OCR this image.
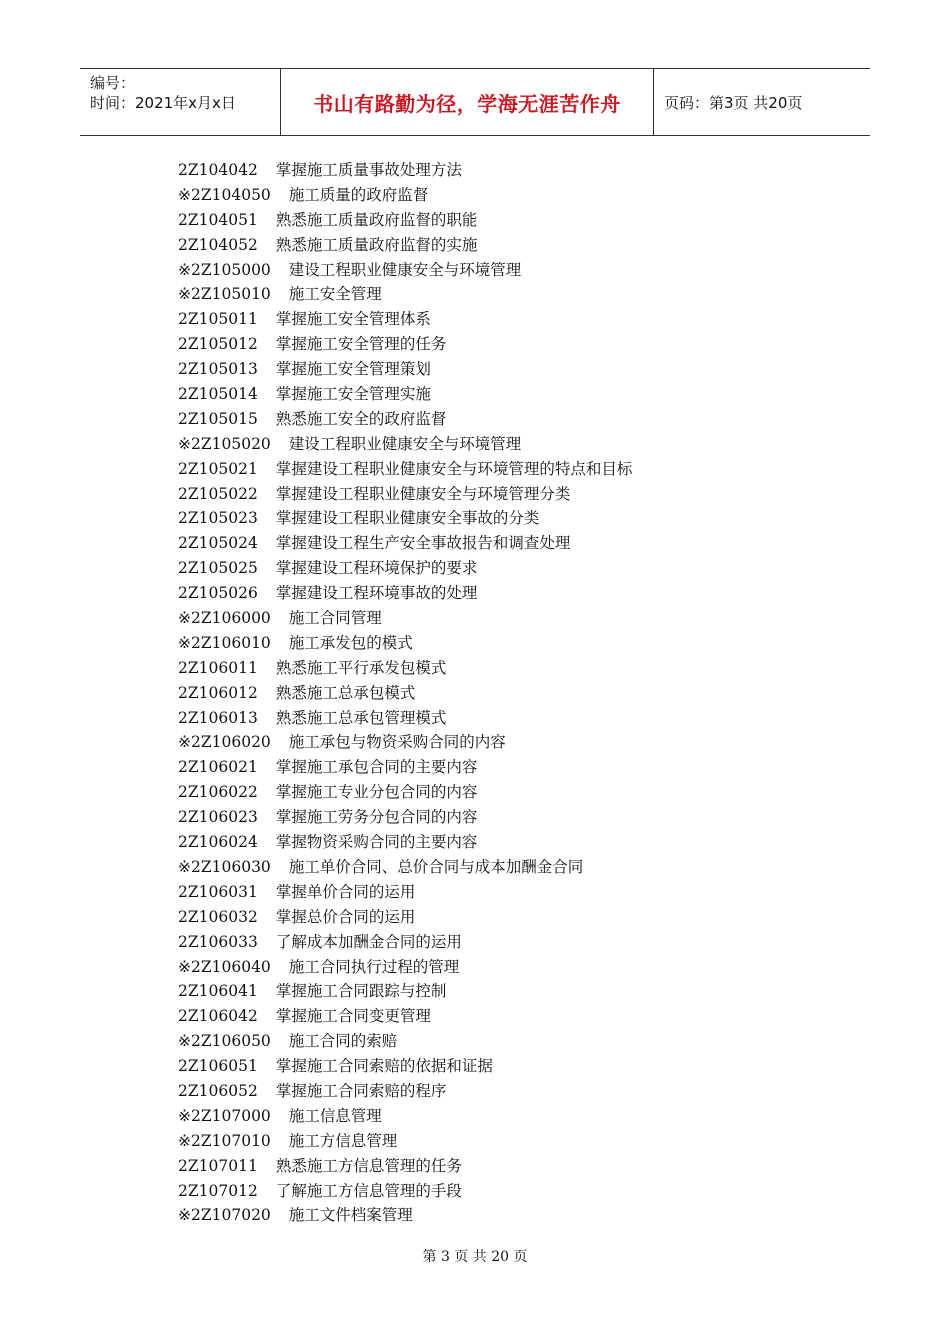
编号：
时间：2021年x月x日	书山有路勤为径，学海无涯苦作舟	页码：第3页 共20页
2Z104042 掌握施工质量事故处理方法
※2Z104050 施工质量的政府监督
2Z104051 熟悉施工质量政府监督的职能
2Z104052 熟悉施工质量政府监督的实施
※2Z105000 建设工程职业健康安全与环境管理
※2Z105010 施工安全管理
2Z105011 掌握施工安全管理体系
2Z105012 掌握施工安全管理的任务
2Z105013 掌握施工安全管理策划
2Z105014 掌握施工安全管理实施
2Z105015 熟悉施工安全的政府监督
※2Z105020 建设工程职业健康安全与环境管理
2Z105021 掌握建设工程职业健康安全与环境管理的特点和目标
2Z105022 掌握建设工程职业健康安全与环境管理分类
2Z105023 掌握建设工程职业健康安全事故的分类
2Z105024 掌握建设工程生产安全事故报告和调查处理
2Z105025 掌握建设工程环境保护的要求
2Z105026 掌握建设工程环境事故的处理
※2Z106000 施工合同管理
※2Z106010 施工承发包的模式
2Z106011 熟悉施工平行承发包模式
2Z106012 熟悉施工总承包模式
2Z106013 熟悉施工总承包管理模式
※2Z106020 施工承包与物资采购合同的内容
2Z106021 掌握施工承包合同的主要内容
2Z106022 掌握施工专业分包合同的内容
2Z106023 掌握施工劳务分包合同的内容
2Z106024 掌握物资采购合同的主要内容
※2Z106030 施工单价合同、总价合同与成本加酬金合同
2Z106031 掌握单价合同的运用
2Z106032 掌握总价合同的运用
2Z106033 了解成本加酬金合同的运用
※2Z106040 施工合同执行过程的管理
2Z106041 掌握施工合同跟踪与控制
2Z106042 掌握施工合同变更管理
※2Z106050 施工合同的索赔
2Z106051 掌握施工合同索赔的依据和证据
2Z106052 掌握施工合同索赔的程序
※2Z107000 施工信息管理
※2Z107010 施工方信息管理
2Z107011 熟悉施工方信息管理的任务
2Z107012 了解施工方信息管理的手段
※2Z107020 施工文件档案管理
第 3 页 共 20 页
